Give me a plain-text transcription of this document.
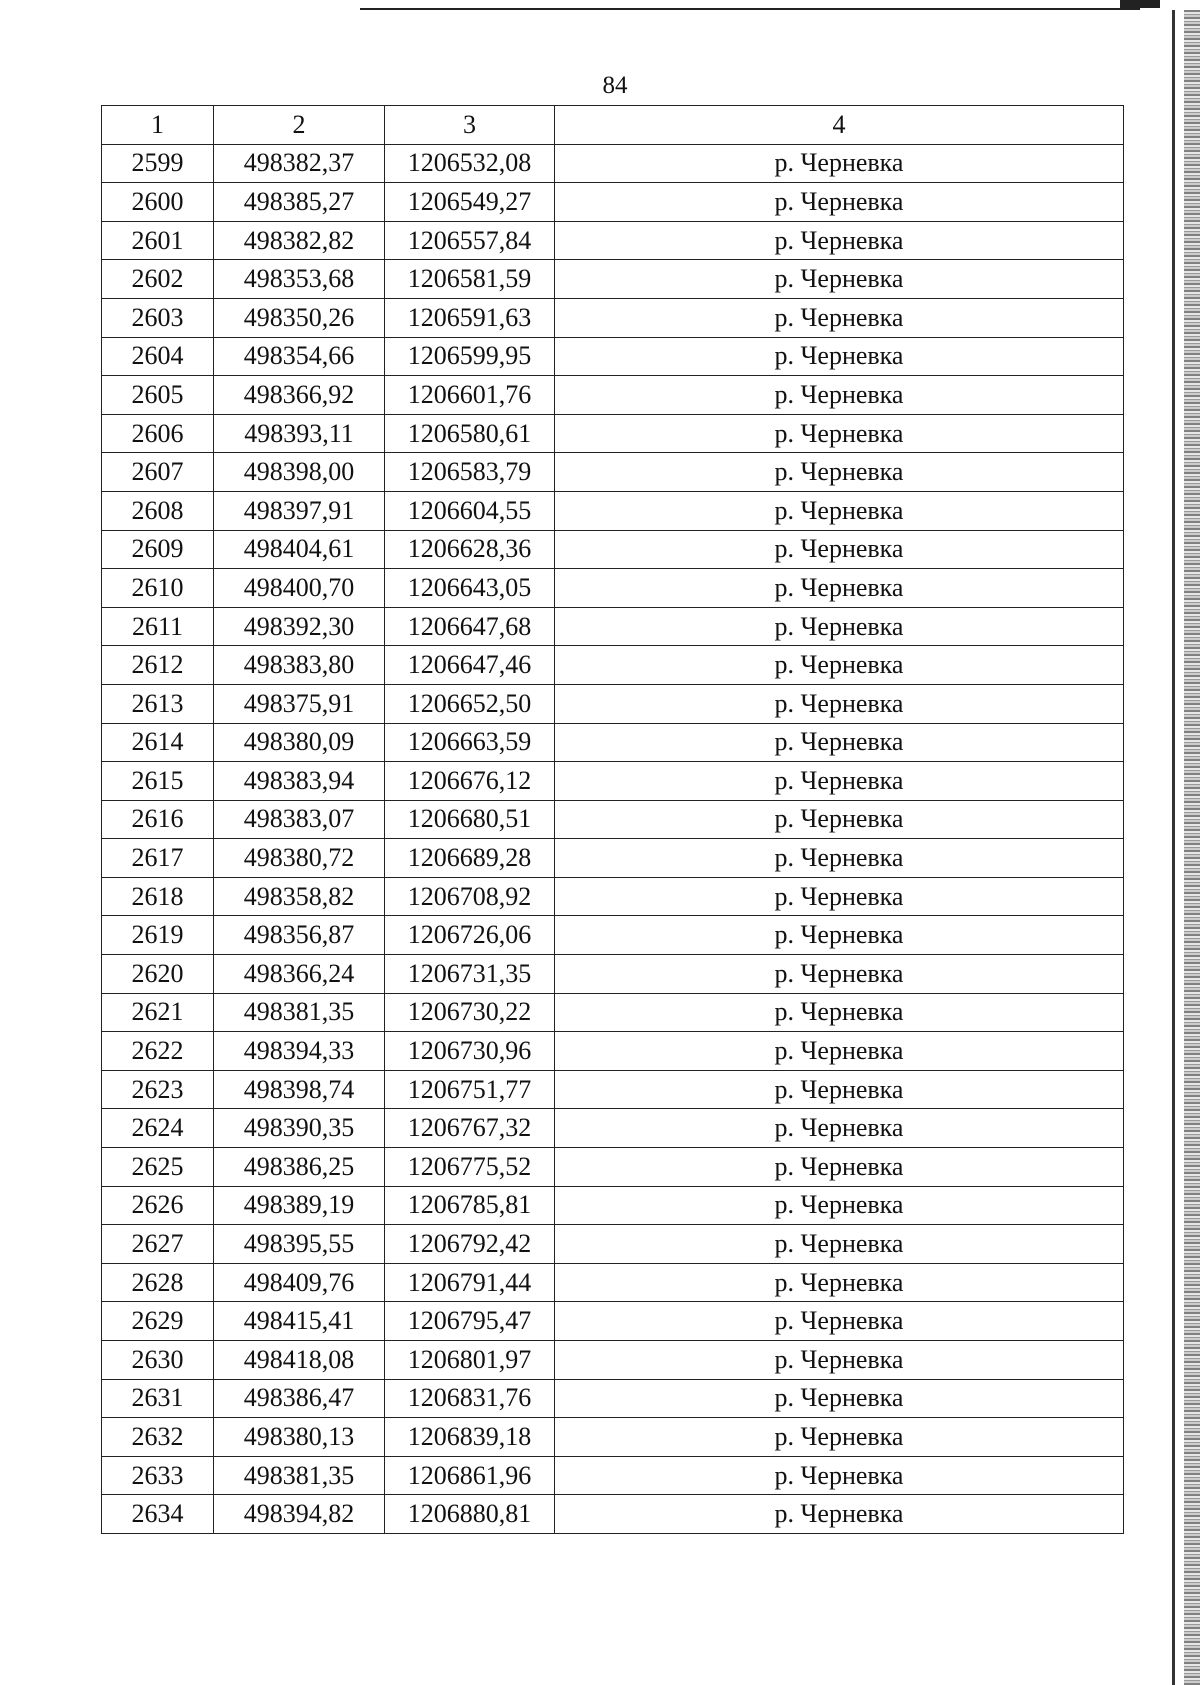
84
1	2	3	4
2599	498382,37	1206532,08	р. Черневка
2600	498385,27	1206549,27	р. Черневка
2601	498382,82	1206557,84	р. Черневка
2602	498353,68	1206581,59	р. Черневка
2603	498350,26	1206591,63	р. Черневка
2604	498354,66	1206599,95	р. Черневка
2605	498366,92	1206601,76	р. Черневка
2606	498393,11	1206580,61	р. Черневка
2607	498398,00	1206583,79	р. Черневка
2608	498397,91	1206604,55	р. Черневка
2609	498404,61	1206628,36	р. Черневка
2610	498400,70	1206643,05	р. Черневка
2611	498392,30	1206647,68	р. Черневка
2612	498383,80	1206647,46	р. Черневка
2613	498375,91	1206652,50	р. Черневка
2614	498380,09	1206663,59	р. Черневка
2615	498383,94	1206676,12	р. Черневка
2616	498383,07	1206680,51	р. Черневка
2617	498380,72	1206689,28	р. Черневка
2618	498358,82	1206708,92	р. Черневка
2619	498356,87	1206726,06	р. Черневка
2620	498366,24	1206731,35	р. Черневка
2621	498381,35	1206730,22	р. Черневка
2622	498394,33	1206730,96	р. Черневка
2623	498398,74	1206751,77	р. Черневка
2624	498390,35	1206767,32	р. Черневка
2625	498386,25	1206775,52	р. Черневка
2626	498389,19	1206785,81	р. Черневка
2627	498395,55	1206792,42	р. Черневка
2628	498409,76	1206791,44	р. Черневка
2629	498415,41	1206795,47	р. Черневка
2630	498418,08	1206801,97	р. Черневка
2631	498386,47	1206831,76	р. Черневка
2632	498380,13	1206839,18	р. Черневка
2633	498381,35	1206861,96	р. Черневка
2634	498394,82	1206880,81	р. Черневка
